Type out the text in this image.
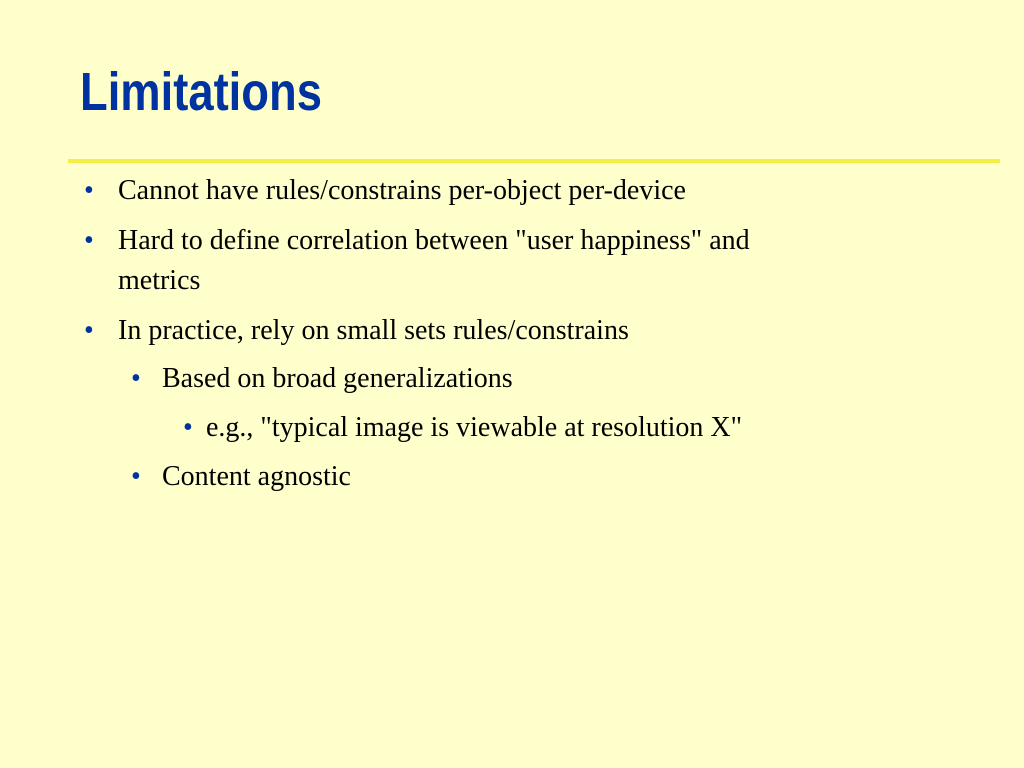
Limitations
• Cannot have rules/constrains per-object per-device
• Hard to define correlation between "user happiness" and
metrics
• In practice, rely on small sets rules/constrains
• Based on broad generalizations
• e.g., "typical image is viewable at resolution X"
• Content agnostic
